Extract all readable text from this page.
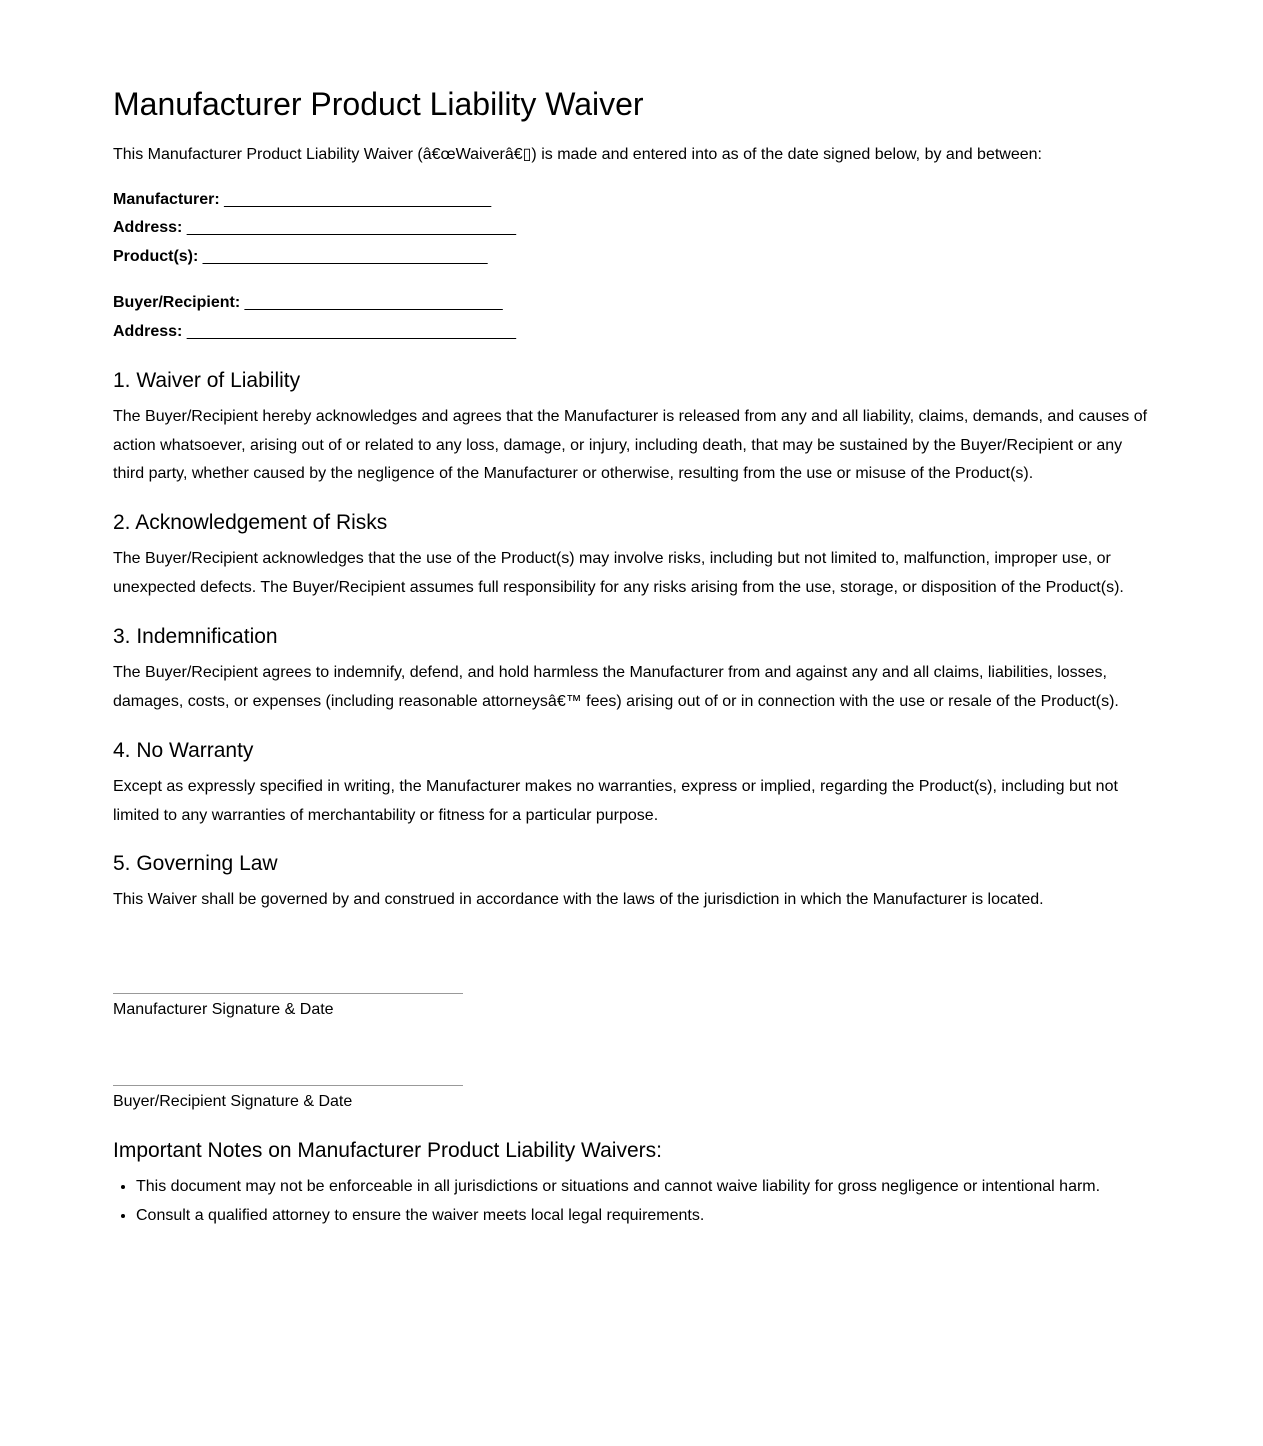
Manufacturer Product Liability Waiver

This Manufacturer Product Liability Waiver (â€œWaiverâ€▯) is made and entered into as of the date signed below, by and between:

Manufacturer: ______________________________

Address: _____________________________________

Product(s): ________________________________

Buyer/Recipient: _____________________________

Address: _____________________________________

1. Waiver of Liability

The Buyer/Recipient hereby acknowledges and agrees that the Manufacturer is released from any and all liability, claims, demands, and causes of action whatsoever, arising out of or related to any loss, damage, or injury, including death, that may be sustained by the Buyer/Recipient or any third party, whether caused by the negligence of the Manufacturer or otherwise, resulting from the use or misuse of the Product(s).

2. Acknowledgement of Risks

The Buyer/Recipient acknowledges that the use of the Product(s) may involve risks, including but not limited to, malfunction, improper use, or unexpected defects. The Buyer/Recipient assumes full responsibility for any risks arising from the use, storage, or disposition of the Product(s).

3. Indemnification

The Buyer/Recipient agrees to indemnify, defend, and hold harmless the Manufacturer from and against any and all claims, liabilities, losses, damages, costs, or expenses (including reasonable attorneysâ€™ fees) arising out of or in connection with the use or resale of the Product(s).

4. No Warranty

Except as expressly specified in writing, the Manufacturer makes no warranties, express or implied, regarding the Product(s), including but not limited to any warranties of merchantability or fitness for a particular purpose.

5. Governing Law

This Waiver shall be governed by and construed in accordance with the laws of the jurisdiction in which the Manufacturer is located.

Manufacturer Signature & Date

Buyer/Recipient Signature & Date

Important Notes on Manufacturer Product Liability Waivers:
• This document may not be enforceable in all jurisdictions or situations and cannot waive liability for gross negligence or intentional harm.
• Consult a qualified attorney to ensure the waiver meets local legal requirements.
